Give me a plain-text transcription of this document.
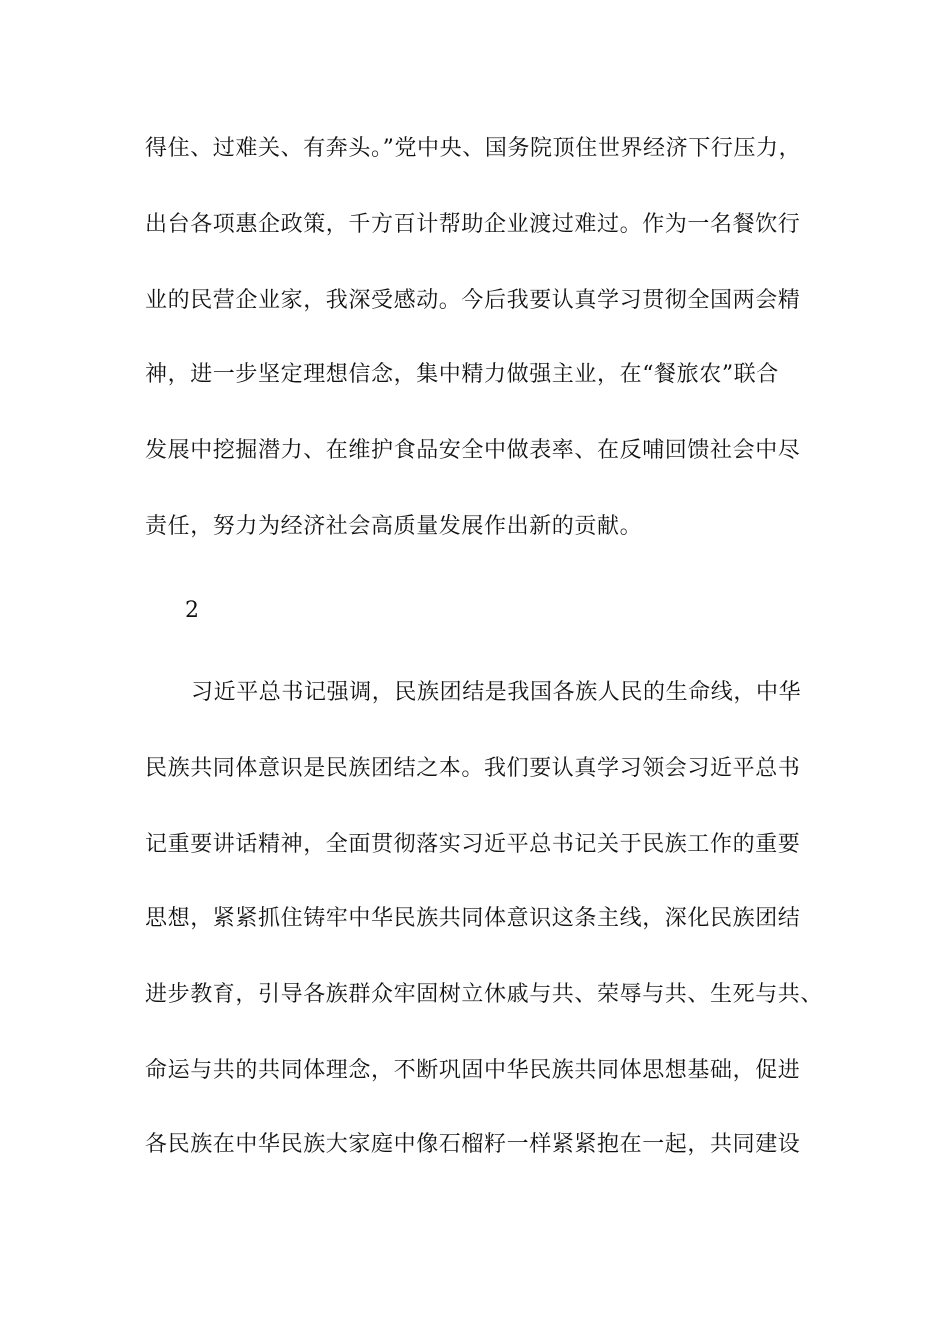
得住、过难关、有奔头。”党中央、国务院顶住世界经济下行压力，
出台各项惠企政策，千方百计帮助企业渡过难过。作为一名餐饮行
业的民营企业家，我深受感动。今后我要认真学习贯彻全国两会精
神，进一步坚定理想信念，集中精力做强主业，在“餐旅农”联合
发展中挖掘潜力、在维护食品安全中做表率、在反哺回馈社会中尽
责任，努力为经济社会高质量发展作出新的贡献。
2
习近平总书记强调，民族团结是我国各族人民的生命线，中华
民族共同体意识是民族团结之本。我们要认真学习领会习近平总书
记重要讲话精神，全面贯彻落实习近平总书记关于民族工作的重要
思想，紧紧抓住铸牢中华民族共同体意识这条主线，深化民族团结
进步教育，引导各族群众牢固树立休戚与共、荣辱与共、生死与共、
命运与共的共同体理念，不断巩固中华民族共同体思想基础，促进
各民族在中华民族大家庭中像石榴籽一样紧紧抱在一起，共同建设
